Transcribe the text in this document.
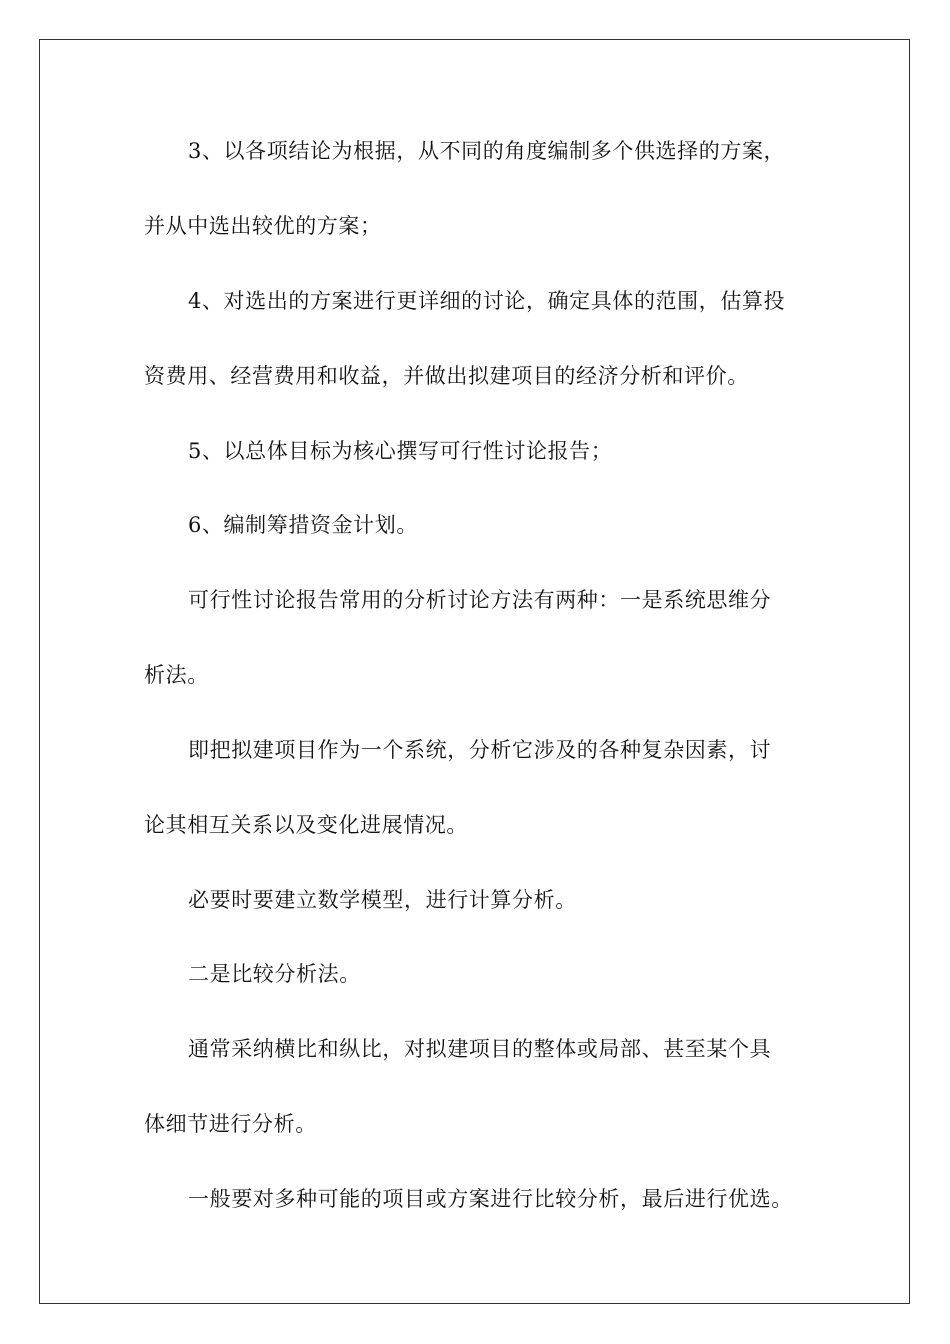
3、以各项结论为根据，从不同的角度编制多个供选择的方案，
并从中选出较优的方案；
4、对选出的方案进行更详细的讨论，确定具体的范围，估算投
资费用、经营费用和收益，并做出拟建项目的经济分析和评价。
5、以总体目标为核心撰写可行性讨论报告；
6、编制筹措资金计划。
可行性讨论报告常用的分析讨论方法有两种：一是系统思维分
析法。
即把拟建项目作为一个系统，分析它涉及的各种复杂因素，讨
论其相互关系以及变化进展情况。
必要时要建立数学模型，进行计算分析。
二是比较分析法。
通常采纳横比和纵比，对拟建项目的整体或局部、甚至某个具
体细节进行分析。
一般要对多种可能的项目或方案进行比较分析，最后进行优选。
